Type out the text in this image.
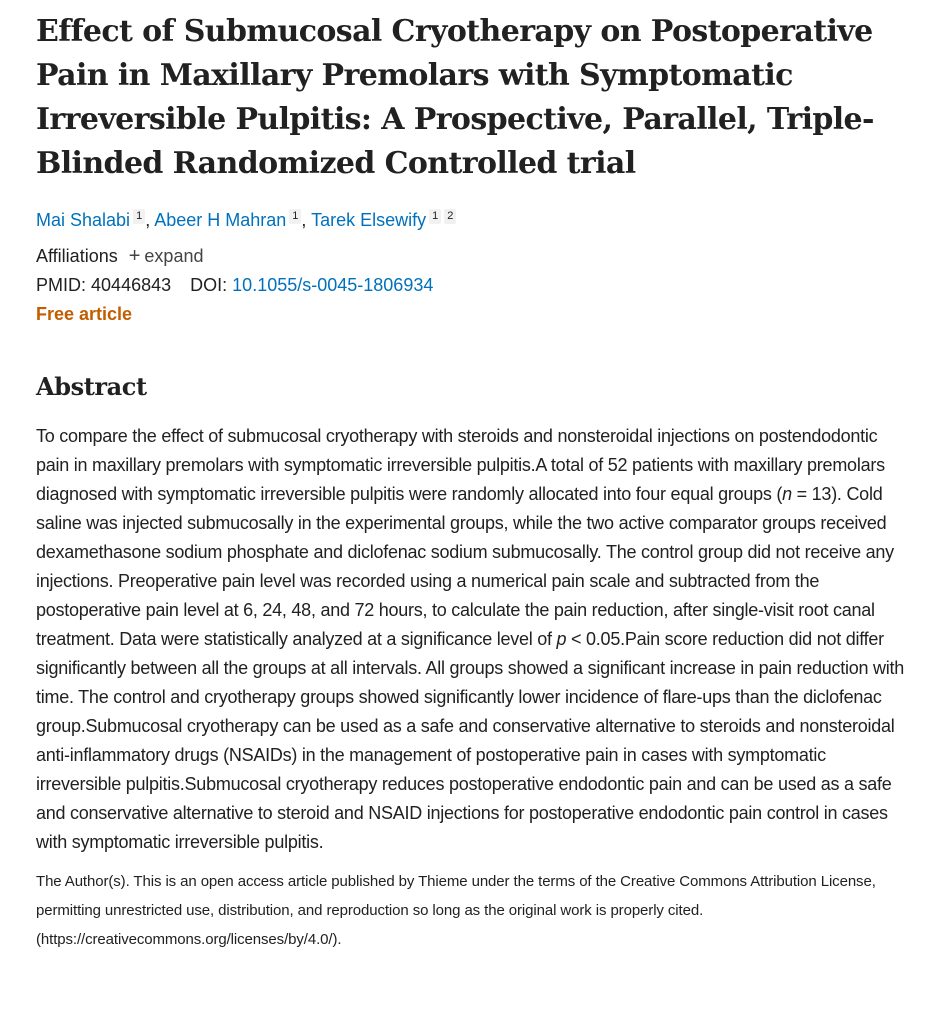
Effect of Submucosal Cryotherapy on Postoperative Pain in Maxillary Premolars with Symptomatic Irreversible Pulpitis: A Prospective, Parallel, Triple-Blinded Randomized Controlled trial
Mai Shalabi 1 , Abeer H Mahran 1 , Tarek Elsewify 1 2
Affiliations + expand
PMID: 40446843 DOI: 10.1055/s-0045-1806934
Free article
Abstract
To compare the effect of submucosal cryotherapy with steroids and nonsteroidal injections on postendodontic pain in maxillary premolars with symptomatic irreversible pulpitis.A total of 52 patients with maxillary premolars diagnosed with symptomatic irreversible pulpitis were randomly allocated into four equal groups (n = 13). Cold saline was injected submucosally in the experimental groups, while the two active comparator groups received dexamethasone sodium phosphate and diclofenac sodium submucosally. The control group did not receive any injections. Preoperative pain level was recorded using a numerical pain scale and subtracted from the postoperative pain level at 6, 24, 48, and 72 hours, to calculate the pain reduction, after single-visit root canal treatment. Data were statistically analyzed at a significance level of p < 0.05.Pain score reduction did not differ significantly between all the groups at all intervals. All groups showed a significant increase in pain reduction with time. The control and cryotherapy groups showed significantly lower incidence of flare-ups than the diclofenac group.Submucosal cryotherapy can be used as a safe and conservative alternative to steroids and nonsteroidal anti-inflammatory drugs (NSAIDs) in the management of postoperative pain in cases with symptomatic irreversible pulpitis.Submucosal cryotherapy reduces postoperative endodontic pain and can be used as a safe and conservative alternative to steroid and NSAID injections for postoperative endodontic pain control in cases with symptomatic irreversible pulpitis.
The Author(s). This is an open access article published by Thieme under the terms of the Creative Commons Attribution License, permitting unrestricted use, distribution, and reproduction so long as the original work is properly cited. (https://creativecommons.org/licenses/by/4.0/).
